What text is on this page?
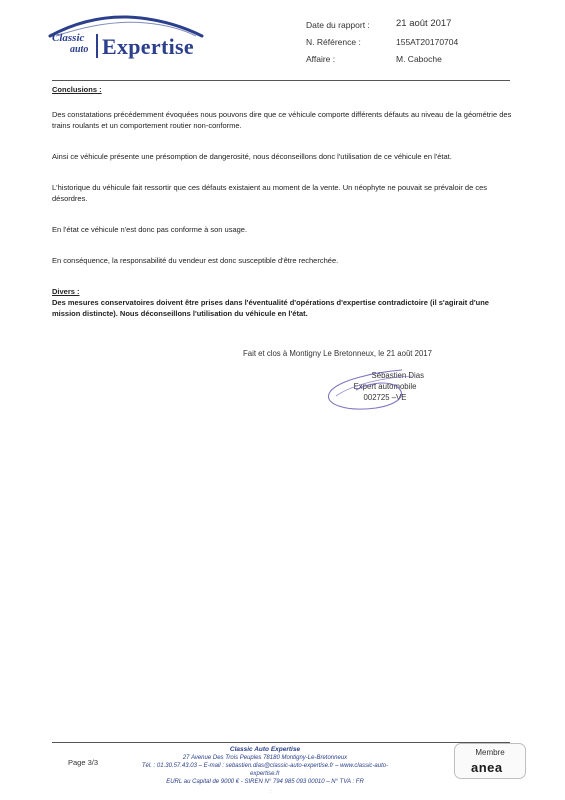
Classic
auto Expertise
Date du rapport :	21 août 2017
N. Référence :	155AT20170704
Affaire :	M. Caboche
Conclusions :

Des constatations précédemment évoquées nous pouvons dire que ce véhicule comporte différents défauts au niveau de la géométrie des trains roulants et un comportement routier non-conforme.

Ainsi ce véhicule présente une présomption de dangerosité, nous déconseillons donc l'utilisation de ce véhicule en l'état.

L'historique du véhicule fait ressortir que ces défauts existaient au moment de la vente. Un néophyte ne pouvait se prévaloir de ces désordres.

En l'état ce véhicule n'est donc pas conforme à son usage.

En conséquence, la responsabilité du vendeur est donc susceptible d'être recherchée.

Divers :

Des mesures conservatoires doivent être prises dans l'éventualité d'opérations d'expertise contradictoire (il s'agirait d'une mission distincte). Nous déconseillons l'utilisation du véhicule en l'état.

Fait et clos à Montigny Le Bretonneux, le 21 août 2017
Sébastien Dias
Expert automobile
002725 –VE
Page 3/3
Classic Auto Expertise
27 Avenue Des Trois Peuples 78180 Montigny-Le-Bretonneux
Tél. : 01.30.57.43.03 – E-mail : sebastien.dias@classic-auto-expertise.fr – www.classic-auto-expertise.fr
EURL au Capital de 9000 € - SIREN N° 794 985 093 00010 – N° TVA : FR
Membre
anea
:
